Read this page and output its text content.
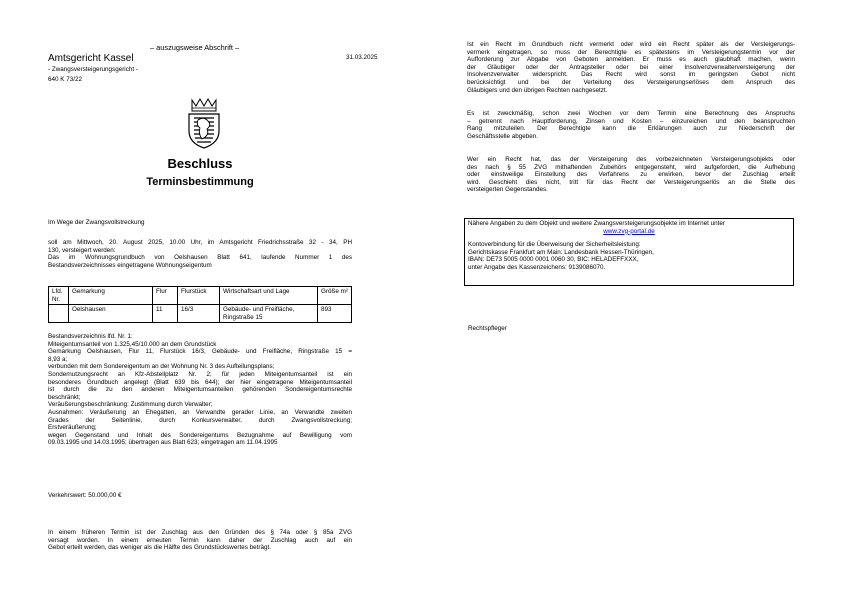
– auszugsweise Abschrift –
Amtsgericht Kassel
- Zwangsversteigerungsgericht -
640 K 73/22
31.03.2025
Beschluss
Terminsbestimmung
Im Wege der Zwangsvollstreckung

soll am Mittwoch, 20. August 2025, 10.00 Uhr, im Amtsgericht Friedrichsstraße 32 - 34, PH

130, versteigert werden:

Das im Wohnungsgrundbuch von Oelshausen Blatt 641, laufende Nummer 1 des

Bestandsverzeichnisses eingetragene Wohnungseigentum

Lfd. Nr.	Gemarkung	Flur	Flurstück	Wirtschaftsart und Lage	Größe m²
	Oelshausen	11	16/3	Gebäude- und Freifläche, Ringstraße 15	893

Bestandsverzeichnis lfd. Nr. 1:

Miteigentumsanteil von 1.325,45/10.000 an dem Grundstück

Gemarkung Oelshausen, Flur 11, Flurstück 16/3, Gebäude- und Freifläche, Ringstraße 15 =

8,93 a;

verbunden mit dem Sondereigentum an der Wohnung Nr. 3 des Aufteilungsplans;

Sondernutzungsrecht an Kfz-Abstellplatz Nr. 2; für jeden Miteigentumsanteil ist ein

besonderes Grundbuch angelegt (Blatt 639 bis 644); der hier eingetragene Miteigentumsanteil

ist durch die zu den anderen Miteigentumsanteilen gehörenden Sondereigentumsrechte

beschränkt;

Veräußerungsbeschränkung: Zustimmung durch Verwalter;

Ausnahmen: Veräußerung an Ehegatten, an Verwandte gerader Linie, an Verwandte zweiten

Grades der Seitenlinie, durch Konkursverwalter, durch Zwangsvollstreckung;

Erstveräußerung;

wegen Gegenstand und Inhalt des Sondereigentums Bezugnahme auf Bewilligung vom

09.03.1995 und 14.03.1995; übertragen aus Blatt 623; eingetragen am 11.04.1995

Verkehrswert: 50.000,00 €

In einem früheren Termin ist der Zuschlag aus den Gründen des § 74a oder § 85a ZVG

versagt worden. In einem erneuten Termin kann daher der Zuschlag auch auf ein

Gebot erteilt werden, das weniger als die Hälfte des Grundstückswertes beträgt.

Ist ein Recht im Grundbuch nicht vermerkt oder wird ein Recht später als der Versteigerungs-

vermerk eingetragen, so muss der Berechtigte es spätestens im Versteigerungstermin vor der

Aufforderung zur Abgabe von Geboten anmelden. Er muss es auch glaubhaft machen, wenn

der Gläubiger oder der Antragsteller oder bei einer Insolvenzverwalterversteigerung der

Insolvenzverwalter widerspricht. Das Recht wird sonst im geringsten Gebot nicht

berücksichtigt und bei der Verteilung des Versteigerungserlöses dem Anspruch des

Gläubigers und den übrigen Rechten nachgesetzt.

Es ist zweckmäßig, schon zwei Wochen vor dem Termin eine Berechnung des Anspruchs

– getrennt nach Hauptforderung, Zinsen und Kosten – einzureichen und den beanspruchten

Rang mitzuteilen. Der Berechtigte kann die Erklärungen auch zur Niederschrift der

Geschäftsstelle abgeben.

Wer ein Recht hat, das der Versteigerung des vorbezeichneten Versteigerungsobjekts oder

des nach § 55 ZVG mithaftenden Zubehörs entgegensteht, wird aufgefordert, die Aufhebung

oder einstweilige Einstellung des Verfahrens zu erwirken, bevor der Zuschlag erteilt

wird. Geschieht dies nicht, tritt für das Recht der Versteigerungserlös an die Stelle des

versteigerten Gegenstandes.

Nähere Angaben zu dem Objekt und weitere Zwangsversteigerungsobjekte im Internet unter

www.zvg-portal.de

Kontoverbindung für die Überweisung der Sicherheitsleistung:

Gerichtskasse Frankfurt am Main: Landesbank Hessen-Thüringen,

IBAN: DE73 5005 0000 0001 0060 30, BIC: HELADEFFXXX,

unter Angabe des Kassenzeichens: 9139086070.

Rechtspfleger
